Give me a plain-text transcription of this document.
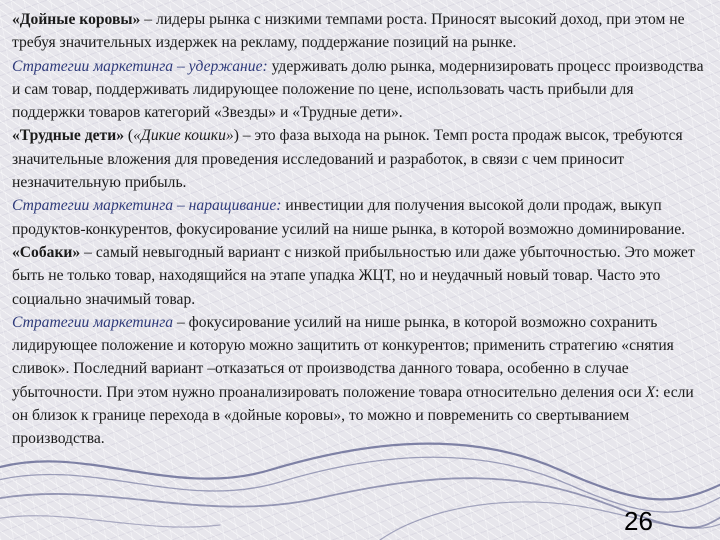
«Дойные коровы» – лидеры рынка с низкими темпами роста. Приносят высокий доход, при этом не требуя значительных издержек на рекламу, поддержание позиций на рынке.

Стратегии маркетинга – удержание: удерживать долю рынка, модернизировать процесс производства и сам товар, поддерживать лидирующее положение по цене, использовать часть прибыли для поддержки товаров категорий «Звезды» и «Трудные дети».

«Трудные дети» («Дикие кошки») – это фаза выхода на рынок. Темп роста продаж высок, требуются значительные вложения для проведения исследований и разработок, в связи с чем приносит незначительную прибыль.

Стратегии маркетинга – наращивание: инвестиции для получения высокой доли продаж, выкуп продуктов-конкурентов, фокусирование усилий на нише рынка, в которой возможно доминирование.

«Собаки» – самый невыгодный вариант с низкой прибыльностью или даже убыточностью. Это может быть не только товар, находящийся на этапе упадка ЖЦТ, но и неудачный новый товар. Часто это социально значимый товар.

Стратегии маркетинга – фокусирование усилий на нише рынка, в которой возможно сохранить лидирующее положение и которую можно защитить от конкурентов; применить стратегию «снятия сливок». Последний вариант –отказаться от производства данного товара, особенно в случае убыточности. При этом нужно проанализировать положение товара относительно деления оси X: если он близок к границе перехода в «дойные коровы», то можно и повременить со свертыванием производства.

26
